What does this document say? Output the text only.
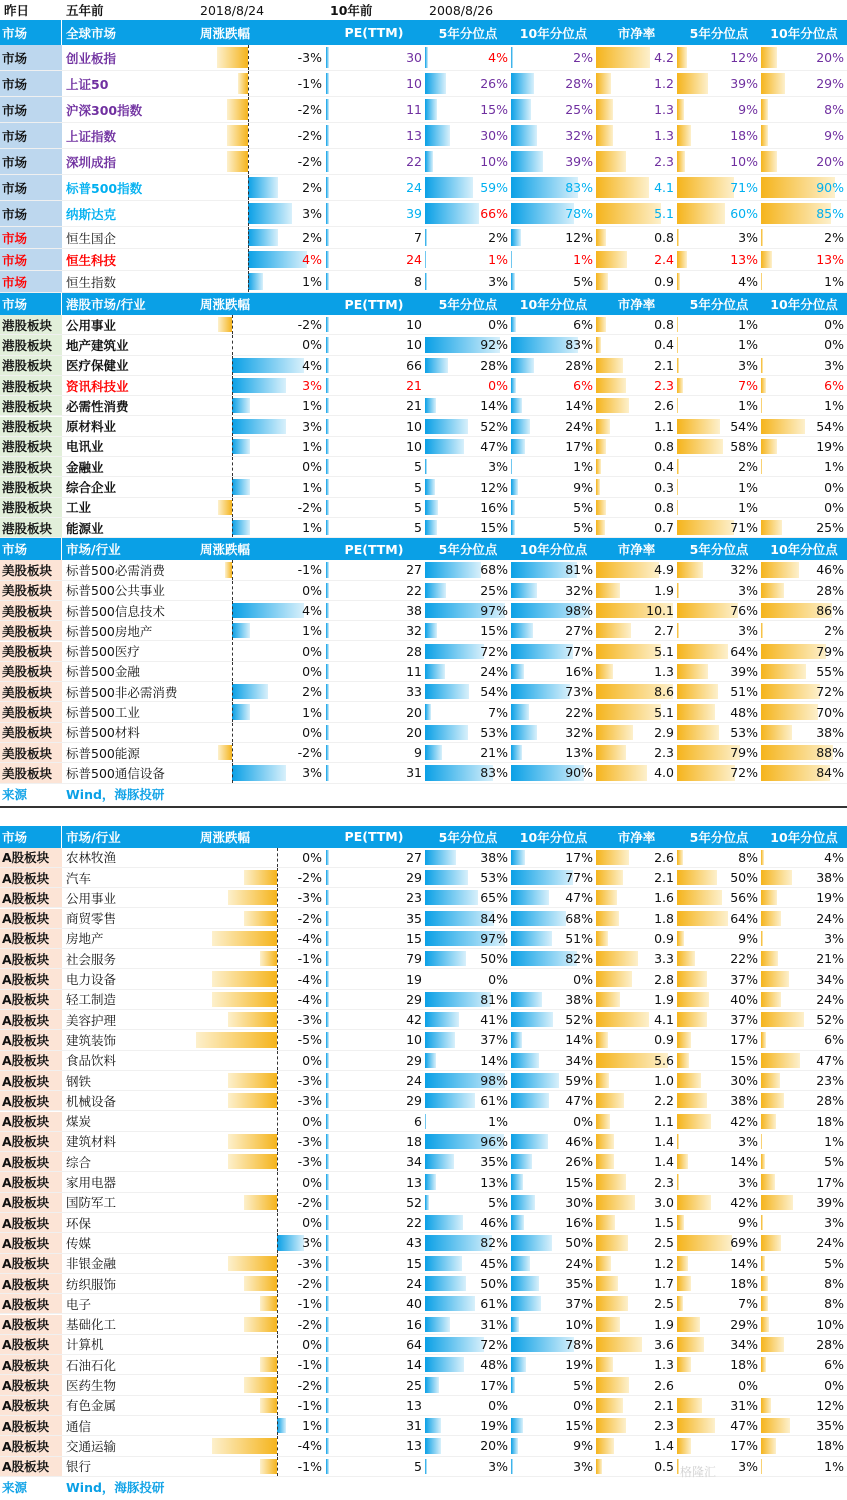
昨日	五年前	2018/8/24	10年前	2008/8/26
市场	全球市场	周涨跌幅	PE(TTM)	5年分位点	10年分位点	市净率	5年分位点	10年分位点
市场	创业板指	-3%	30	4%	2%	4.2	12%	20%
市场	上证50	-1%	10	26%	28%	1.2	39%	29%
市场	沪深300指数	-2%	11	15%	25%	1.3	9%	8%
市场	上证指数	-2%	13	30%	32%	1.3	18%	9%
市场	深圳成指	-2%	22	10%	39%	2.3	10%	20%
市场	标普500指数	2%	24	59%	83%	4.1	71%	90%
市场	纳斯达克	3%	39	66%	78%	5.1	60%	85%
市场	恒生国企	2%	7	2%	12%	0.8	3%	2%
市场	恒生科技	4%	24	1%	1%	2.4	13%	13%
市场	恒生指数	1%	8	3%	5%	0.9	4%	1%
市场	港股市场/行业	周涨跌幅	PE(TTM)	5年分位点	10年分位点	市净率	5年分位点	10年分位点
港股板块 公用事业	-2%	10	0%	6%	0.8	1%	0%
港股板块 地产建筑业	0%	10	92%	83%	0.4	1%	0%
港股板块 医疗保健业	4%	66	28%	28%	2.1	3%	3%
港股板块 资讯科技业	3%	21	0%	6%	2.3	7%	6%
港股板块 必需性消费	1%	21	14%	14%	2.6	1%	1%
港股板块 原材料业	3%	10	52%	24%	1.1	54%	54%
港股板块 电讯业	1%	10	47%	17%	0.8	58%	19%
港股板块 金融业	0%	5	3%	1%	0.4	2%	1%
港股板块 综合企业	1%	5	12%	9%	0.3	1%	0%
港股板块 工业	-2%	5	16%	5%	0.8	1%	0%
港股板块 能源业	1%	5	15%	5%	0.7	71%	25%
市场	市场/行业	周涨跌幅	PE(TTM)	5年分位点	10年分位点	市净率	5年分位点	10年分位点
美股板块 标普500必需消费	-1%	27	68%	81%	4.9	32%	46%
美股板块 标普500公共事业	0%	22	25%	32%	1.9	3%	28%
美股板块 标普500信息技术	4%	38	97%	98%	10.1	76%	86%
美股板块 标普500房地产	1%	32	15%	27%	2.7	3%	2%
美股板块 标普500医疗	0%	28	72%	77%	5.1	64%	79%
美股板块 标普500金融	0%	11	24%	16%	1.3	39%	55%
美股板块 标普500非必需消费	2%	33	54%	73%	8.6	51%	72%
美股板块 标普500工业	1%	20	7%	22%	5.1	48%	70%
美股板块 标普500材料	0%	20	53%	32%	2.9	53%	38%
美股板块 标普500能源	-2%	9	21%	13%	2.3	79%	88%
美股板块 标普500通信设备	3%	31	83%	90%	4.0	72%	84%
来源	Wind，海豚投研
市场	市场/行业	周涨跌幅	PE(TTM)	5年分位点	10年分位点	市净率	5年分位点	10年分位点
A股板块 农林牧渔	0%	27	38%	17%	2.6	8%	4%
A股板块 汽车	-2%	29	53%	77%	2.1	50%	38%
A股板块 公用事业	-3%	23	65%	47%	1.6	56%	19%
A股板块 商贸零售	-2%	35	84%	68%	1.8	64%	24%
A股板块 房地产	-4%	15	97%	51%	0.9	9%	3%
A股板块 社会服务	-1%	79	50%	82%	3.3	22%	21%
A股板块 电力设备	-4%	19	0%	0%	2.8	37%	34%
A股板块 轻工制造	-4%	29	81%	38%	1.9	40%	24%
A股板块 美容护理	-3%	42	41%	52%	4.1	37%	52%
A股板块 建筑装饰	-5%	10	37%	14%	0.9	17%	6%
A股板块 食品饮料	0%	29	14%	34%	5.6	15%	47%
A股板块 钢铁	-3%	24	98%	59%	1.0	30%	23%
A股板块 机械设备	-3%	29	61%	47%	2.2	38%	28%
A股板块 煤炭	0%	6	1%	0%	1.1	42%	18%
A股板块 建筑材料	-3%	18	96%	46%	1.4	3%	1%
A股板块 综合	-3%	34	35%	26%	1.4	14%	5%
A股板块 家用电器	0%	13	13%	15%	2.3	3%	17%
A股板块 国防军工	-2%	52	5%	30%	3.0	42%	39%
A股板块 环保	0%	22	46%	16%	1.5	9%	3%
A股板块 传媒	3%	43	82%	50%	2.5	69%	24%
A股板块 非银金融	-3%	15	45%	24%	1.2	14%	5%
A股板块 纺织服饰	-2%	24	50%	35%	1.7	18%	8%
A股板块 电子	-1%	40	61%	37%	2.5	7%	8%
A股板块 基础化工	-2%	16	31%	10%	1.9	29%	10%
A股板块 计算机	0%	64	72%	78%	3.6	34%	28%
A股板块 石油石化	-1%	14	48%	19%	1.3	18%	6%
A股板块 医药生物	-2%	25	17%	5%	2.6	0%	0%
A股板块 有色金属	-1%	13	0%	0%	2.1	31%	12%
A股板块 通信	1%	31	19%	15%	2.3	47%	35%
A股板块 交通运输	-4%	13	20%	9%	1.4	17%	18%
A股板块 银行	-1%	5	3%	3%	0.5	3%	1%
来源	Wind，海豚投研
格隆汇
